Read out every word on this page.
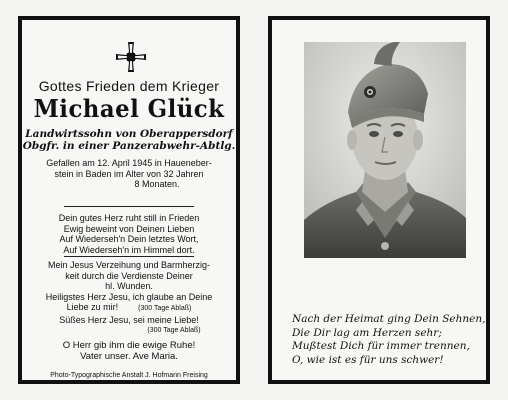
Gottes Frieden dem Krieger
Michael Glück
Landwirtssohn von Oberappersdorf
Obgfr. in einer Panzerabwehr-Abtlg.
Gefallen am 12. April 1945 in Haueneber-
stein in Baden im Alter von 32 Jahren
8 Monaten.
Dein gutes Herz ruht still in Frieden
Ewig beweint von Deinen Lieben
Auf Wiederseh'n Dein letztes Wort,
Auf Wiederseh'n im Himmel dort.
Mein Jesus Verzeihung und Barmherzig-
keit durch die Verdienste Deiner
hl. Wunden.
Heiligstes Herz Jesu, ich glaube an Deine
Liebe zu mir!	(300 Tage Ablaß)
Süßes Herz Jesu, sei meine Liebe!
(300 Tage Ablaß)
O Herr gib ihm die ewige Ruhe!
Vater unser. Ave Maria.
Photo-Typographische Anstalt J. Hofmann Freising
Nach der Heimat ging Dein Sehnen,
Die Dir lag am Herzen sehr;
Mußtest Dich für immer trennen,
O, wie ist es für uns schwer!
